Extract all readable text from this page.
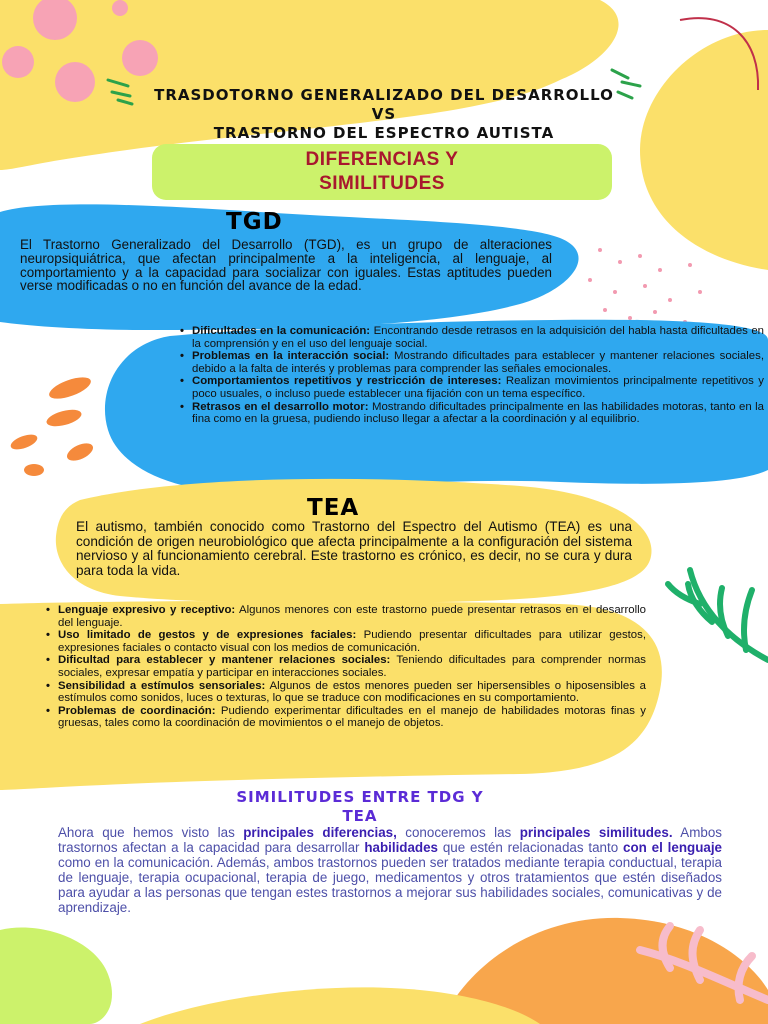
TRASDOTORNO GENERALIZADO DEL DESARROLLO
VS
TRASTORNO DEL ESPECTRO AUTISTA
DIFERENCIAS Y
SIMILITUDES
TGD
El Trastorno Generalizado del Desarrollo (TGD), es un grupo de alteraciones neuropsiquiátrica, que afectan principalmente a la inteligencia, al lenguaje, al comportamiento y a la capacidad para socializar con iguales. Estas aptitudes pueden verse modificadas o no en función del avance de la edad.
• Dificultades en la comunicación: Encontrando desde retrasos en la adquisición del habla hasta dificultades en la comprensión y en el uso del lenguaje social.
• Problemas en la interacción social: Mostrando dificultades para establecer y mantener relaciones sociales, debido a la falta de interés y problemas para comprender las señales emocionales.
• Comportamientos repetitivos y restricción de intereses: Realizan movimientos principalmente repetitivos y poco usuales, o incluso puede establecer una fijación con un tema específico.
• Retrasos en el desarrollo motor: Mostrando dificultades principalmente en las habilidades motoras, tanto en la fina como en la gruesa, pudiendo incluso llegar a afectar a la coordinación y al equilibrio.
TEA
El autismo, también conocido como Trastorno del Espectro del Autismo (TEA) es una condición de origen neurobiológico que afecta principalmente a la configuración del sistema nervioso y al funcionamiento cerebral. Este trastorno es crónico, es decir, no se cura y dura para toda la vida.
• Lenguaje expresivo y receptivo: Algunos menores con este trastorno puede presentar retrasos en el desarrollo del lenguaje.
• Uso limitado de gestos y de expresiones faciales: Pudiendo presentar dificultades para utilizar gestos, expresiones faciales o contacto visual con los medios de comunicación.
• Dificultad para establecer y mantener relaciones sociales: Teniendo dificultades para comprender normas sociales, expresar empatía y participar en interacciones sociales.
• Sensibilidad a estímulos sensoriales: Algunos de estos menores pueden ser hipersensibles o hiposensibles a estímulos como sonidos, luces o texturas, lo que se traduce con modificaciones en su comportamiento.
• Problemas de coordinación: Pudiendo experimentar dificultades en el manejo de habilidades motoras finas y gruesas, tales como la coordinación de movimientos o el manejo de objetos.
SIMILITUDES ENTRE TDG Y
TEA
Ahora que hemos visto las principales diferencias, conoceremos las principales similitudes. Ambos trastornos afectan a la capacidad para desarrollar habilidades que estén relacionadas tanto con el lenguaje como en la comunicación. Además, ambos trastornos pueden ser tratados mediante terapia conductual, terapia de lenguaje, terapia ocupacional, terapia de juego, medicamentos y otros tratamientos que estén diseñados para ayudar a las personas que tengan estes trastornos a mejorar sus habilidades sociales, comunicativas y de aprendizaje.
